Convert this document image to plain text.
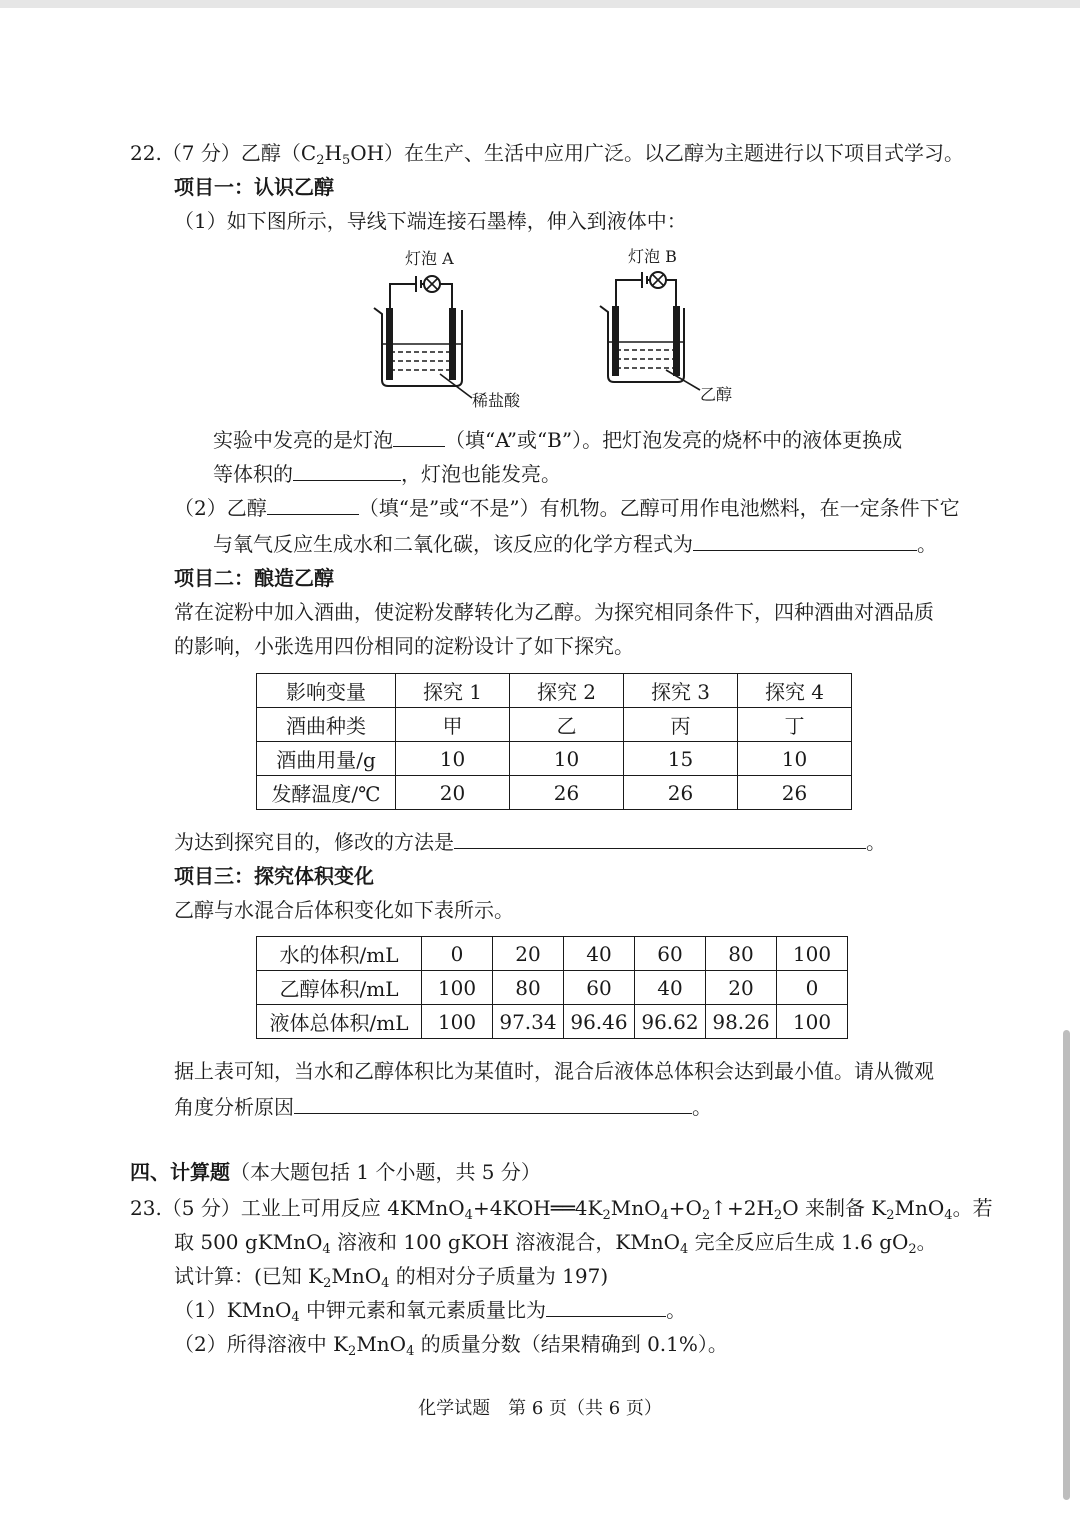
22.（7 分）乙醇$(C_2H_5OH)$在生产、生活中应用广泛。以乙醇为主题进行以下项目式学习。
项目一：认识乙醇
（1）如下图所示，导线下端连接石墨棒，伸入到液体中：
灯泡 A
稀盐酸
灯泡 B
乙醇
实验中发亮的是灯泡	（填“A”或“B”）。把灯泡发亮的烧杯中的液体更换成
等体积的	，灯泡也能发亮。
（2）乙醇	（填“是”或“不是”）有机物。乙醇可用作电池燃料，在一定条件下它
与氧气反应生成水和二氧化碳，该反应的化学方程式为	。
项目二：酿造乙醇
常在淀粉中加入酒曲，使淀粉发酵转化为乙醇。为探究相同条件下，四种酒曲对酒品质
的影响，小张选用四份相同的淀粉设计了如下探究。
影响变量	探究 1	探究 2	探究 3	探究 4
酒曲种类	甲	乙	丙	丁
酒曲用量/g	10	10	15	10
发酵温度/℃	20	26	26	26
为达到探究目的，修改的方法是	。
项目三：探究体积变化
乙醇与水混合后体积变化如下表所示。
水的体积/mL	0	20	40	60	80	100
乙醇体积/mL	100	80	60	40	20	0
液体总体积/mL	100	97.34	96.46	96.62	98.26	100
据上表可知，当水和乙醇体积比为某值时，混合后液体总体积会达到最小值。请从微观
角度分析原因	。
四、计算题（本大题包括 1 个小题，共 5 分）
23.（5 分）工业上可用反应 $4KMnO_4+4KOH══4K_2MnO_4+O_2↑+2H_2O$ 来制备 $K_2MnO_4$。若
取 500 gKMnO$_4$ 溶液和 100 gKOH 溶液混合，KMnO$_4$ 完全反应后生成 1.6 $gO_2$。
试计算：(已知 $K_2MnO_4$ 的相对分子质量为 197)
（1）KMnO$_4$ 中钾元素和氧元素质量比为	。
（2）所得溶液中 $K_2MnO_4$ 的质量分数（结果精确到 0.1%）。
化学试题　第 6 页（共 6 页）
